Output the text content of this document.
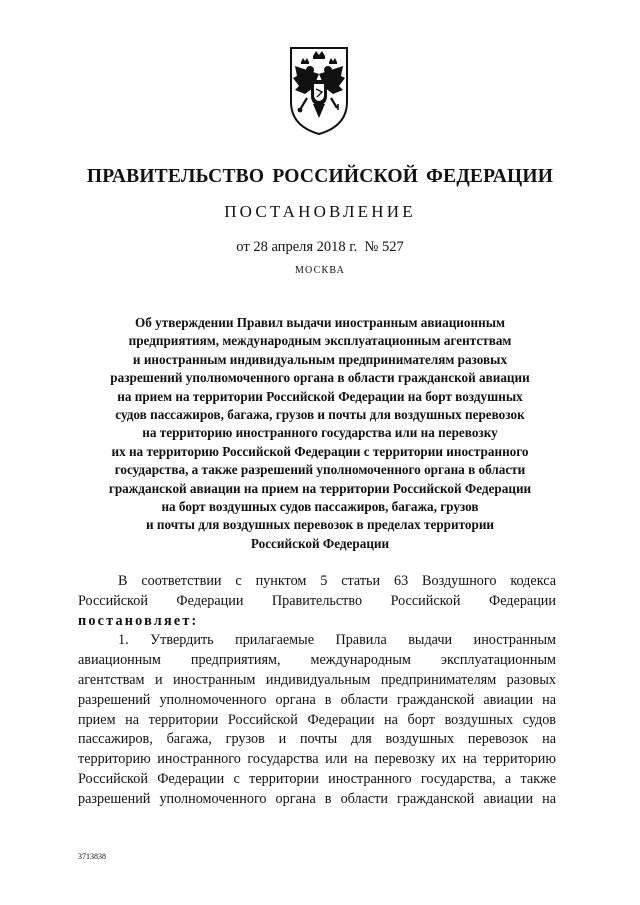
ПРАВИТЕЛЬСТВО РОССИЙСКОЙ ФЕДЕРАЦИИ
ПОСТАНОВЛЕНИЕ
от 28 апреля 2018 г. № 527
МОСКВА
Об утверждении Правил выдачи иностранным авиационным
предприятиям, международным эксплуатационным агентствам
и иностранным индивидуальным предпринимателям разовых
разрешений уполномоченного органа в области гражданской авиации
на прием на территории Российской Федерации на борт воздушных
судов пассажиров, багажа, грузов и почты для воздушных перевозок
на территорию иностранного государства или на перевозку
их на территорию Российской Федерации с территории иностранного
государства, а также разрешений уполномоченного органа в области
гражданской авиации на прием на территории Российской Федерации
на борт воздушных судов пассажиров, багажа, грузов
и почты для воздушных перевозок в пределах территории
Российской Федерации
В соответствии с пунктом 5 статьи 63 Воздушного кодекса
Российской Федерации Правительство Российской Федерации
постановляет:
1. Утвердить прилагаемые Правила выдачи иностранным
авиационным предприятиям, международным эксплуатационным
агентствам и иностранным индивидуальным предпринимателям разовых
разрешений уполномоченного органа в области гражданской авиации на
прием на территории Российской Федерации на борт воздушных судов
пассажиров, багажа, грузов и почты для воздушных перевозок на
территорию иностранного государства или на перевозку их на территорию
Российской Федерации с территории иностранного государства, а также
разрешений уполномоченного органа в области гражданской авиации на
3713838
